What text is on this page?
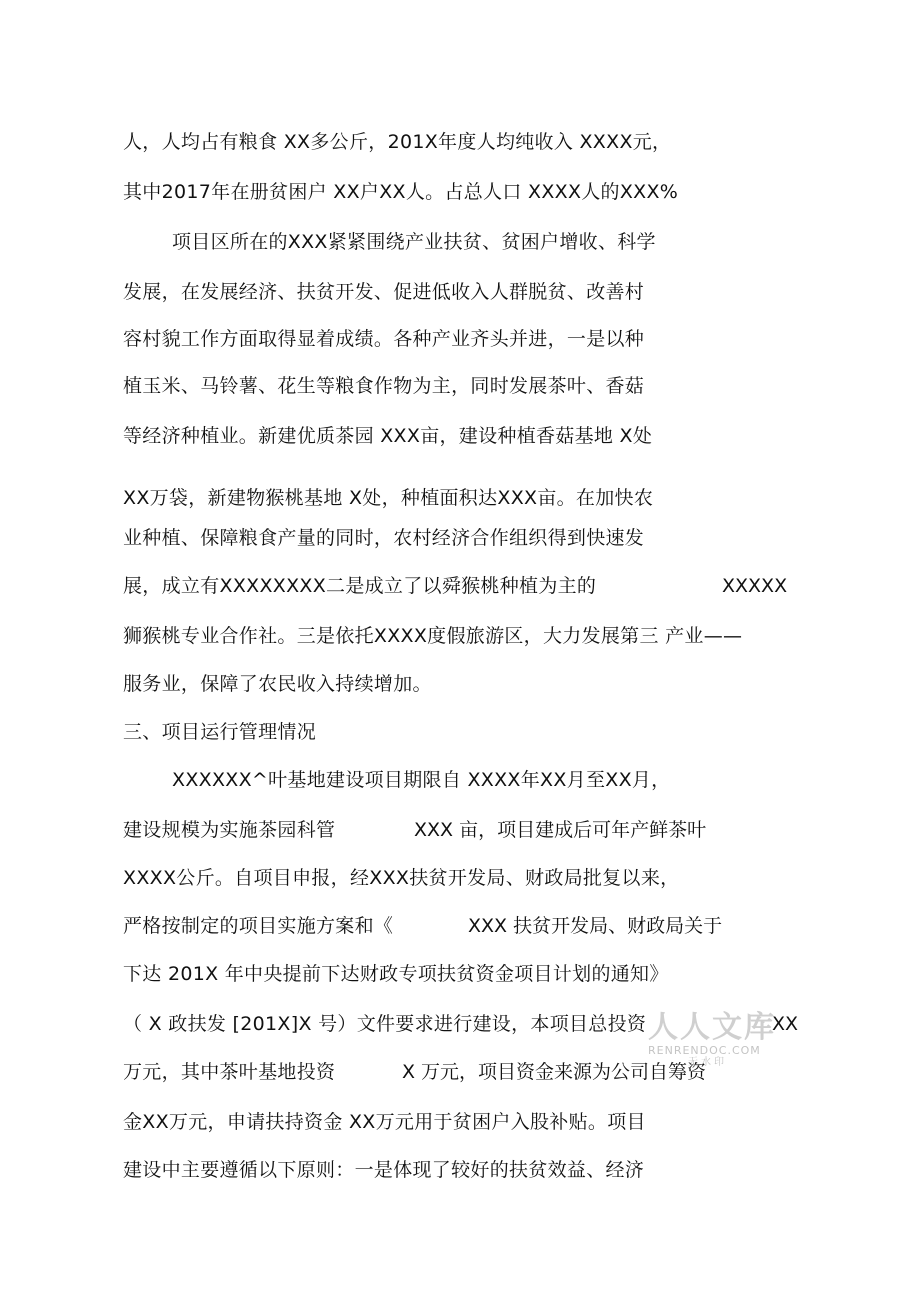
人，人均占有粮食 XX多公斤，201X年度人均纯收入 XXXX元，
其中2017年在册贫困户 XX户XX人。占总人口 XXXX人的XXX%
项目区所在的XXX紧紧围绕产业扶贫、贫困户增收、科学
发展，在发展经济、扶贫开发、促进低收入人群脱贫、改善村
容村貌工作方面取得显着成绩。各种产业齐头并进，一是以种
植玉米、马铃薯、花生等粮食作物为主，同时发展茶叶、香菇
等经济种植业。新建优质茶园 XXX亩，建设种植香菇基地 X处
XX万袋，新建物猴桃基地 X处，种植面积达XXX亩。在加快农
业种植、保障粮食产量的同时，农村经济合作组织得到快速发
展，成立有XXXXXXXX二是成立了以舜猴桃种植为主的	XXXXX
狮猴桃专业合作社。三是依托XXXX度假旅游区，大力发展第三 产业——
服务业，保障了农民收入持续增加。
三、项目运行管理情况
XXXXXX^叶基地建设项目期限自 XXXX年XX月至XX月，
建设规模为实施茶园科管	XXX 亩，项目建成后可年产鲜茶叶
XXXX公斤。自项目申报，经XXX扶贫开发局、财政局批复以来，
严格按制定的项目实施方案和《	XXX 扶贫开发局、财政局关于
下达 201X 年中央提前下达财政专项扶贫资金项目计划的通知》
（ X 政扶发 [201X]X 号）文件要求进行建设，本项目总投资	XX
万元，其中茶叶基地投资	X 万元，项目资金来源为公司自筹资
金XX万元，申请扶持资金 XX万元用于贫困户入股补贴。项目
建设中主要遵循以下原则：一是体现了较好的扶贫效益、经济
人人文库
RENRENDOC.COM
无水印
